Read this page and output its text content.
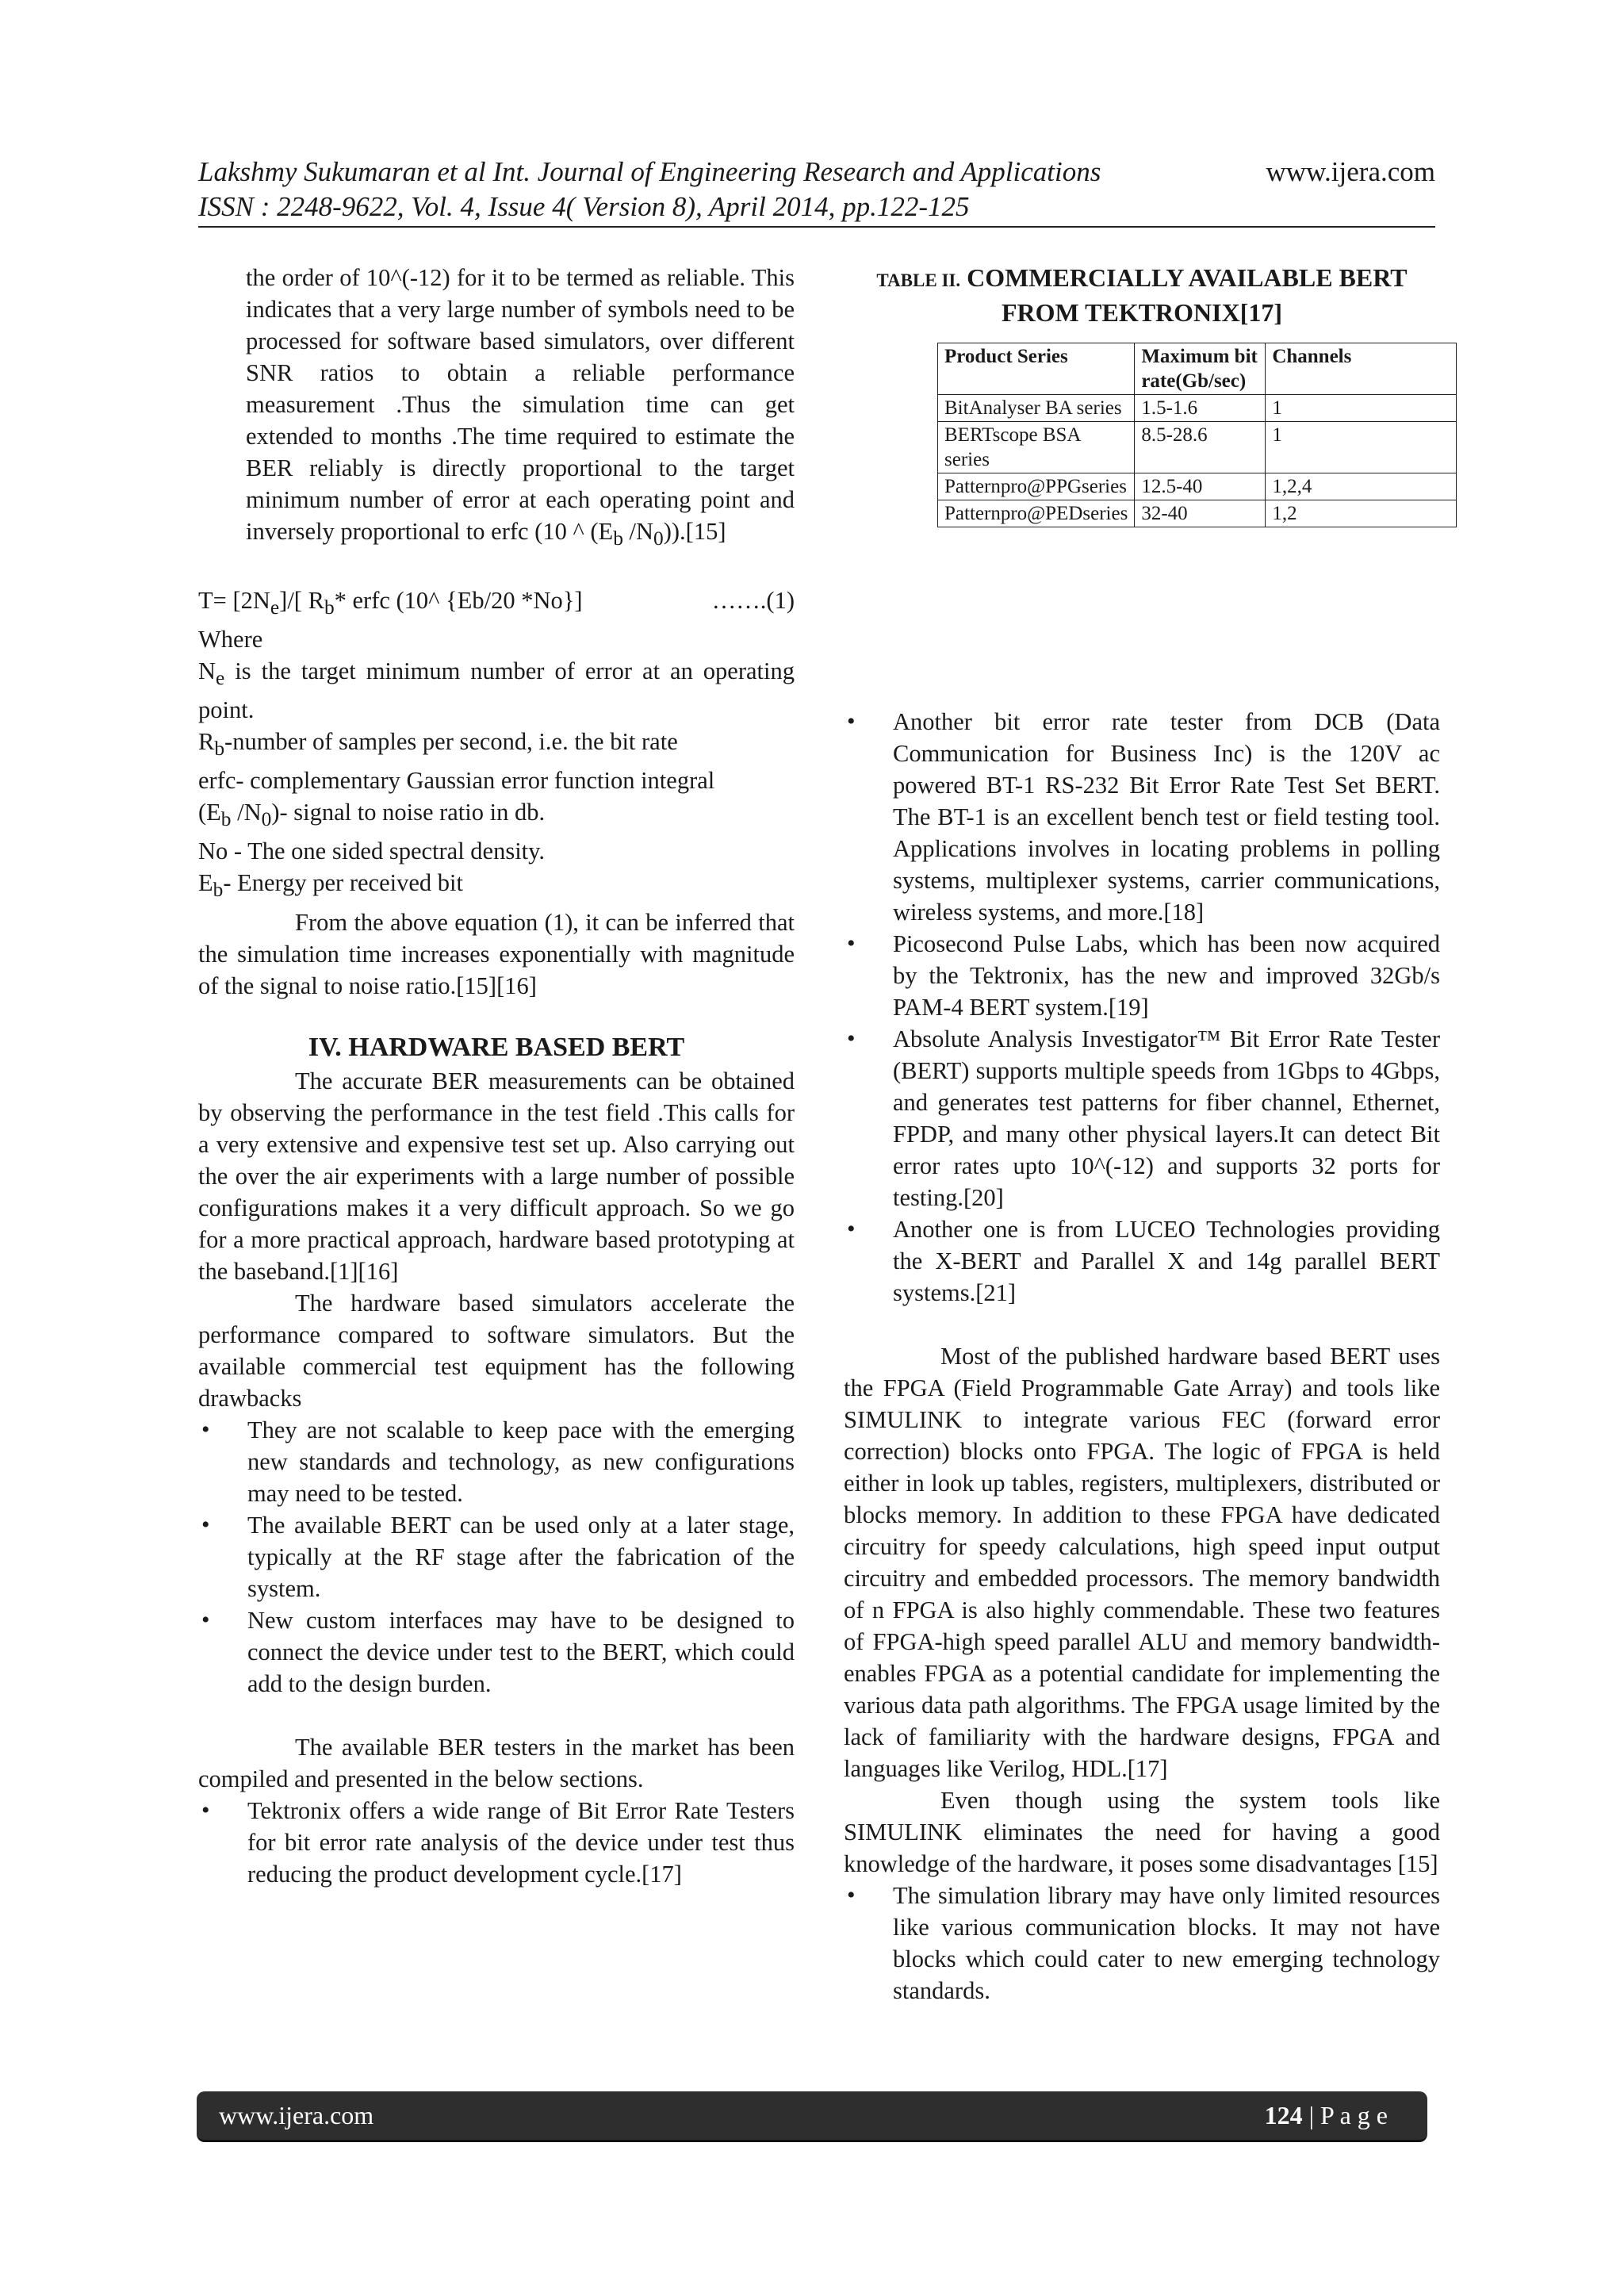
Lakshmy Sukumaran et al Int. Journal of Engineering Research and Applications	www.ijera.com
ISSN : 2248-9622, Vol. 4, Issue 4( Version 8), April 2014, pp.122-125

the order of 10^(-12) for it to be termed as reliable. This indicates that a very large number of symbols need to be processed for software based simulators, over different SNR ratios to obtain a reliable performance measurement .Thus the simulation time can get extended to months .The time required to estimate the BER reliably is directly proportional to the target minimum number of error at each operating point and inversely proportional to erfc (10 ^ ($E_b$ $/N_0)).[15]$

$T= [2N_e]/$[ $R_b*$ erfc (10^ {Eb/20 *No}]	…….(1)

Where

$N_e$ is the target minimum number of error at an operating point.

$R_b$-number of samples per second, i.e. the bit rate

erfc- complementary Gaussian error function integral

($E_b$ $/N_0)-$ signal to noise ratio in db.

No - The one sided spectral density.

$E_b-$ Energy per received bit

From the above equation (1), it can be inferred that the simulation time increases exponentially with magnitude of the signal to noise ratio.[15][16]

IV. HARDWARE BASED BERT

The accurate BER measurements can be obtained by observing the performance in the test field .This calls for a very extensive and expensive test set up. Also carrying out the over the air experiments with a large number of possible configurations makes it a very difficult approach. So we go for a more practical approach, hardware based prototyping at the baseband.[1][16]

The hardware based simulators accelerate the performance compared to software simulators. But the available commercial test equipment has the following drawbacks

• They are not scalable to keep pace with the emerging new standards and technology, as new configurations may need to be tested.
• The available BERT can be used only at a later stage, typically at the RF stage after the fabrication of the system.
• New custom interfaces may have to be designed to connect the device under test to the BERT, which could add to the design burden.

The available BER testers in the market has been compiled and presented in the below sections.

• Tektronix offers a wide range of Bit Error Rate Testers for bit error rate analysis of the device under test thus reducing the product development cycle.[17]
TABLE II. COMMERCIALLY AVAILABLE BERT FROM TEKTRONIX[17]
Product Series	Maximum bit rate(Gb/sec)	Channels
BitAnalyser BA series	1.5-1.6	1
BERTscope BSA series	8.5-28.6	1
Patternpro@PPGseries	12.5-40	1,2,4
Patternpro@PEDseries	32-40	1,2
• Another bit error rate tester from DCB (Data Communication for Business Inc) is the 120V ac powered BT-1 RS-232 Bit Error Rate Test Set BERT. The BT-1 is an excellent bench test or field testing tool. Applications involves in locating problems in polling systems, multiplexer systems, carrier communications, wireless systems, and more.[18]
• Picosecond Pulse Labs, which has been now acquired by the Tektronix, has the new and improved 32Gb/s PAM-4 BERT system.[19]
• Absolute Analysis Investigator™ Bit Error Rate Tester (BERT) supports multiple speeds from 1Gbps to 4Gbps, and generates test patterns for fiber channel, Ethernet, FPDP, and many other physical layers.It can detect Bit error rates upto 10^(-12) and supports 32 ports for testing.[20]
• Another one is from LUCEO Technologies providing the X-BERT and Parallel X and 14g parallel BERT systems.[21]

Most of the published hardware based BERT uses the FPGA (Field Programmable Gate Array) and tools like SIMULINK to integrate various FEC (forward error correction) blocks onto FPGA. The logic of FPGA is held either in look up tables, registers, multiplexers, distributed or blocks memory. In addition to these FPGA have dedicated circuitry for speedy calculations, high speed input output circuitry and embedded processors. The memory bandwidth of n FPGA is also highly commendable. These two features of FPGA-high speed parallel ALU and memory bandwidth- enables FPGA as a potential candidate for implementing the various data path algorithms. The FPGA usage limited by the lack of familiarity with the hardware designs, FPGA and languages like Verilog, HDL.[17]

Even though using the system tools like SIMULINK eliminates the need for having a good knowledge of the hardware, it poses some disadvantages [15]

• The simulation library may have only limited resources like various communication blocks. It may not have blocks which could cater to new emerging technology standards.
www.ijera.com	124 | P a g e
